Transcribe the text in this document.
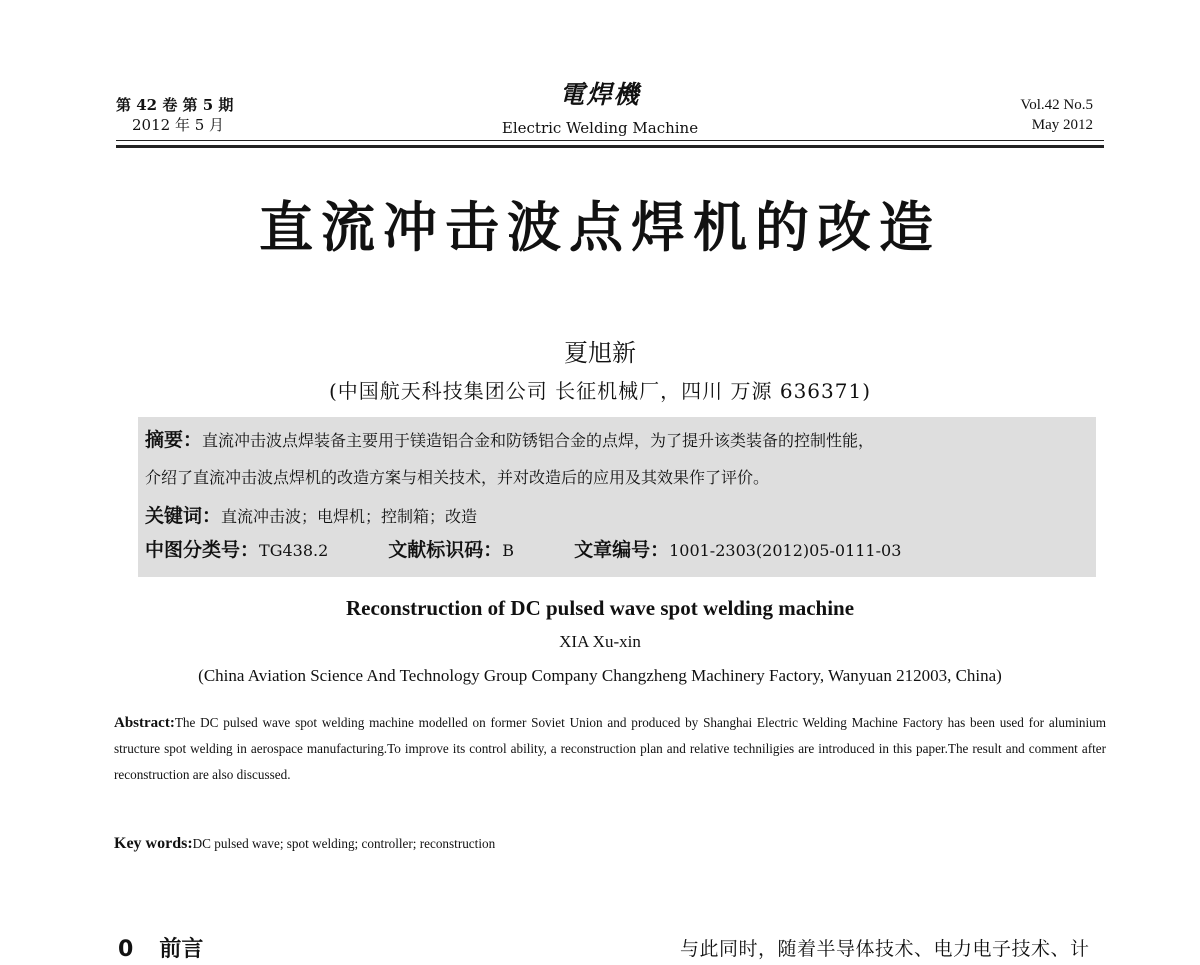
第 42 卷 第 5 期
2012 年 5 月
電焊機
Electric Welding Machine
Vol.42 No.5
May 2012
直流冲击波点焊机的改造
夏旭新
(中国航天科技集团公司 长征机械厂，四川 万源 636371)
摘要：直流冲击波点焊装备主要用于镁造铝合金和防锈铝合金的点焊，为了提升该类装备的控制性能，
介绍了直流冲击波点焊机的改造方案与相关技术，并对改造后的应用及其效果作了评价。
关键词：直流冲击波；电焊机；控制箱；改造
中图分类号：TG438.2	文献标识码：B	文章编号：1001-2303(2012)05-0111-03
Reconstruction of DC pulsed wave spot welding machine
XIA Xu-xin
(China Aviation Science And Technology Group Company Changzheng Machinery Factory, Wanyuan 212003, China)
Abstract:The DC pulsed wave spot welding machine modelled on former Soviet Union and produced by Shanghai Electric Welding Machine Factory has been used for aluminium structure spot welding in aerospace manufacturing.To improve its control ability, a reconstruction plan and relative techniligies are introduced in this paper.The result and comment after reconstruction are also discussed.
Key words:DC pulsed wave; spot welding; controller; reconstruction
0 前言	与此同时，随着半导体技术、电力电子技术、计
